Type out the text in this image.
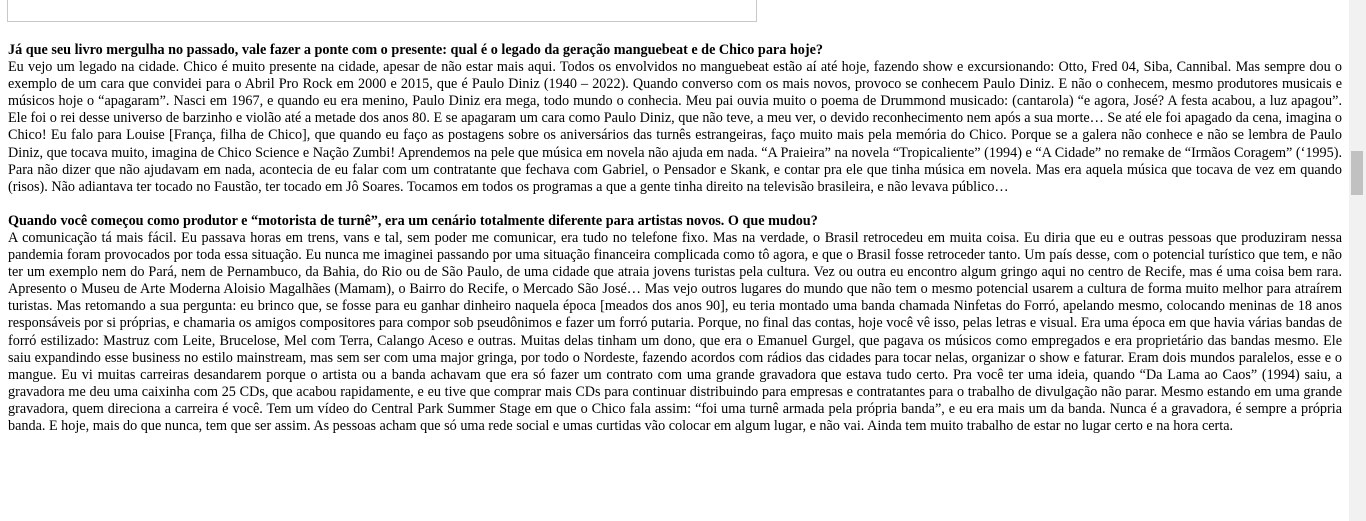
Já que seu livro mergulha no passado, vale fazer a ponte com o presente: qual é o legado da geração manguebeat e de Chico para hoje?

Eu vejo um legado na cidade. Chico é muito presente na cidade, apesar de não estar mais aqui. Todos os envolvidos no manguebeat estão aí até hoje, fazendo show e excursionando: Otto, Fred 04, Siba, Cannibal. Mas sempre dou o exemplo de um cara que convidei para o Abril Pro Rock em 2000 e 2015, que é Paulo Diniz (1940 – 2022). Quando converso com os mais novos, provoco se conhecem Paulo Diniz. E não o conhecem, mesmo produtores musicais e músicos hoje o “apagaram”. Nasci em 1967, e quando eu era menino, Paulo Diniz era mega, todo mundo o conhecia. Meu pai ouvia muito o poema de Drummond musicado: (cantarola) “e agora, José? A festa acabou, a luz apagou”. Ele foi o rei desse universo de barzinho e violão até a metade dos anos 80. E se apagaram um cara como Paulo Diniz, que não teve, a meu ver, o devido reconhecimento nem após a sua morte… Se até ele foi apagado da cena, imagina o Chico! Eu falo para Louise [França, filha de Chico], que quando eu faço as postagens sobre os aniversários das turnês estrangeiras, faço muito mais pela memória do Chico. Porque se a galera não conhece e não se lembra de Paulo Diniz, que tocava muito, imagina de Chico Science e Nação Zumbi! Aprendemos na pele que música em novela não ajuda em nada. “A Praieira” na novela “Tropicaliente” (1994) e “A Cidade” no remake de “Irmãos Coragem” (‘1995). Para não dizer que não ajudavam em nada, acontecia de eu falar com um contratante que fechava com Gabriel, o Pensador e Skank, e contar pra ele que tinha música em novela. Mas era aquela música que tocava de vez em quando (risos). Não adiantava ter tocado no Faustão, ter tocado em Jô Soares. Tocamos em todos os programas a que a gente tinha direito na televisão brasileira, e não levava público…

Quando você começou como produtor e “motorista de turnê”, era um cenário totalmente diferente para artistas novos. O que mudou?

A comunicação tá mais fácil. Eu passava horas em trens, vans e tal, sem poder me comunicar, era tudo no telefone fixo. Mas na verdade, o Brasil retrocedeu em muita coisa. Eu diria que eu e outras pessoas que produziram nessa pandemia foram provocados por toda essa situação. Eu nunca me imaginei passando por uma situação financeira complicada como tô agora, e que o Brasil fosse retroceder tanto. Um país desse, com o potencial turístico que tem, e não ter um exemplo nem do Pará, nem de Pernambuco, da Bahia, do Rio ou de São Paulo, de uma cidade que atraia jovens turistas pela cultura. Vez ou outra eu encontro algum gringo aqui no centro de Recife, mas é uma coisa bem rara. Apresento o Museu de Arte Moderna Aloisio Magalhães (Mamam), o Bairro do Recife, o Mercado São José… Mas vejo outros lugares do mundo que não tem o mesmo potencial usarem a cultura de forma muito melhor para atraírem turistas. Mas retomando a sua pergunta: eu brinco que, se fosse para eu ganhar dinheiro naquela época [meados dos anos 90], eu teria montado uma banda chamada Ninfetas do Forró, apelando mesmo, colocando meninas de 18 anos responsáveis por si próprias, e chamaria os amigos compositores para compor sob pseudônimos e fazer um forró putaria. Porque, no final das contas, hoje você vê isso, pelas letras e visual. Era uma época em que havia várias bandas de forró estilizado: Mastruz com Leite, Brucelose, Mel com Terra, Calango Aceso e outras. Muitas delas tinham um dono, que era o Emanuel Gurgel, que pagava os músicos como empregados e era proprietário das bandas mesmo. Ele saiu expandindo esse business no estilo mainstream, mas sem ser com uma major gringa, por todo o Nordeste, fazendo acordos com rádios das cidades para tocar nelas, organizar o show e faturar. Eram dois mundos paralelos, esse e o mangue. Eu vi muitas carreiras desandarem porque o artista ou a banda achavam que era só fazer um contrato com uma grande gravadora que estava tudo certo. Pra você ter uma ideia, quando “Da Lama ao Caos” (1994) saiu, a gravadora me deu uma caixinha com 25 CDs, que acabou rapidamente, e eu tive que comprar mais CDs para continuar distribuindo para empresas e contratantes para o trabalho de divulgação não parar. Mesmo estando em uma grande gravadora, quem direciona a carreira é você. Tem um vídeo do Central Park Summer Stage em que o Chico fala assim: “foi uma turnê armada pela própria banda”, e eu era mais um da banda. Nunca é a gravadora, é sempre a própria banda. E hoje, mais do que nunca, tem que ser assim. As pessoas acham que só uma rede social e umas curtidas vão colocar em algum lugar, e não vai. Ainda tem muito trabalho de estar no lugar certo e na hora certa.
